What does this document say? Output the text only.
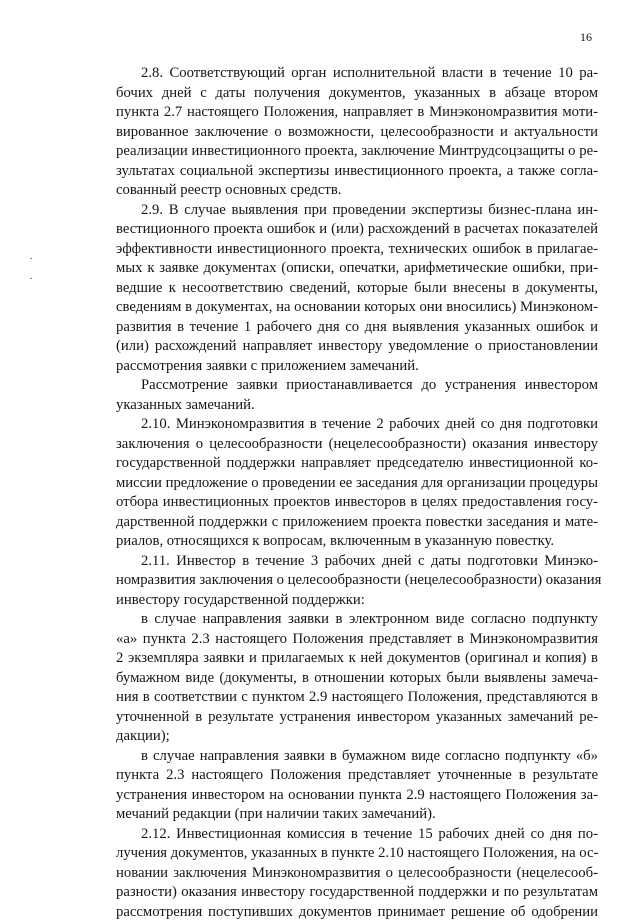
16
2.8. Соответствующий орган исполнительной власти в течение 10 ра-
бочих дней с даты получения документов, указанных в абзаце втором
пункта 2.7 настоящего Положения, направляет в Минэкономразвития моти-
вированное заключение о возможности, целесообразности и актуальности
реализации инвестиционного проекта, заключение Минтрудсоцзащиты о ре-
зультатах социальной экспертизы инвестиционного проекта, а также согла-
сованный реестр основных средств.
2.9. В случае выявления при проведении экспертизы бизнес-плана ин-
вестиционного проекта ошибок и (или) расхождений в расчетах показателей
эффективности инвестиционного проекта, технических ошибок в прилагае-
мых к заявке документах (описки, опечатки, арифметические ошибки, при-
ведшие к несоответствию сведений, которые были внесены в документы,
сведениям в документах, на основании которых они вносились) Минэконом-
развития в течение 1 рабочего дня со дня выявления указанных ошибок и
(или) расхождений направляет инвестору уведомление о приостановлении
рассмотрения заявки с приложением замечаний.
Рассмотрение заявки приостанавливается до устранения инвестором
указанных замечаний.
2.10. Минэкономразвития в течение 2 рабочих дней со дня подготовки
заключения о целесообразности (нецелесообразности) оказания инвестору
государственной поддержки направляет председателю инвестиционной ко-
миссии предложение о проведении ее заседания для организации процедуры
отбора инвестиционных проектов инвесторов в целях предоставления госу-
дарственной поддержки с приложением проекта повестки заседания и мате-
риалов, относящихся к вопросам, включенным в указанную повестку.
2.11. Инвестор в течение 3 рабочих дней с даты подготовки Минэко-
номразвития заключения о целесообразности (нецелесообразности) оказания
инвестору государственной поддержки:
в случае направления заявки в электронном виде согласно подпункту
«а» пункта 2.3 настоящего Положения представляет в Минэкономразвития
2 экземпляра заявки и прилагаемых к ней документов (оригинал и копия) в
бумажном виде (документы, в отношении которых были выявлены замеча-
ния в соответствии с пунктом 2.9 настоящего Положения, представляются в
уточненной в результате устранения инвестором указанных замечаний ре-
дакции);
в случае направления заявки в бумажном виде согласно подпункту «б»
пункта 2.3 настоящего Положения представляет уточненные в результате
устранения инвестором на основании пункта 2.9 настоящего Положения за-
мечаний редакции (при наличии таких замечаний).
2.12. Инвестиционная комиссия в течение 15 рабочих дней со дня по-
лучения документов, указанных в пункте 2.10 настоящего Положения, на ос-
новании заключения Минэкономразвития о целесообразности (нецелесооб-
разности) оказания инвестору государственной поддержки и по результатам
рассмотрения поступивших документов принимает решение об одобрении
